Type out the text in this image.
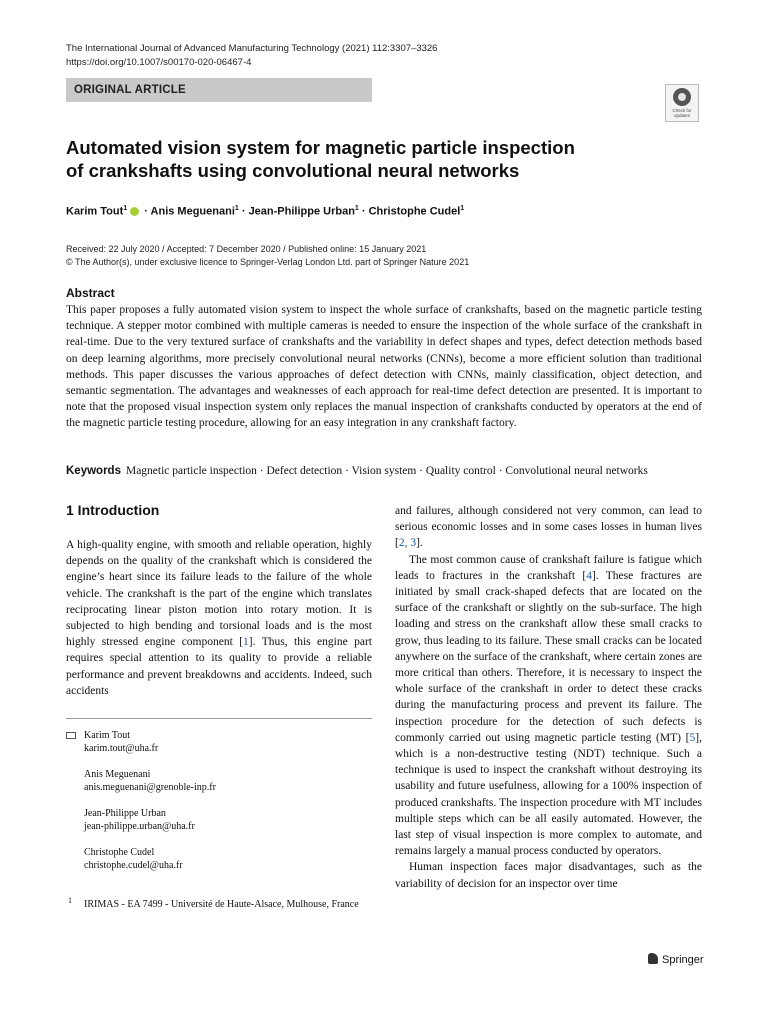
The International Journal of Advanced Manufacturing Technology (2021) 112:3307–3326
https://doi.org/10.1007/s00170-020-06467-4
ORIGINAL ARTICLE
Check for
updates
Automated vision system for magnetic particle inspection
of crankshafts using convolutional neural networks
Karim Tout$^1$ · Anis Meguenani$^1$ · Jean-Philippe Urban$^1$ · Christophe Cudel$^1$
Received: 22 July 2020 / Accepted: 7 December 2020 / Published online: 15 January 2021
© The Author(s), under exclusive licence to Springer-Verlag London Ltd. part of Springer Nature 2021
Abstract
This paper proposes a fully automated vision system to inspect the whole surface of crankshafts, based on the magnetic particle testing technique. A stepper motor combined with multiple cameras is needed to ensure the inspection of the whole surface of the crankshaft in real-time. Due to the very textured surface of crankshafts and the variability in defect shapes and types, defect detection methods based on deep learning algorithms, more precisely convolutional neural networks (CNNs), become a more efficient solution than traditional methods. This paper discusses the various approaches of defect detection with CNNs, mainly classification, object detection, and semantic segmentation. The advantages and weaknesses of each approach for real-time defect detection are presented. It is important to note that the proposed visual inspection system only replaces the manual inspection of crankshafts conducted by operators at the end of the magnetic particle testing procedure, allowing for an easy integration in any crankshaft factory.
Keywords Magnetic particle inspection · Defect detection · Vision system · Quality control · Convolutional neural networks
1 Introduction

A high-quality engine, with smooth and reliable operation, highly depends on the quality of the crankshaft which is considered the engine’s heart since its failure leads to the failure of the whole vehicle. The crankshaft is the part of the engine which translates reciprocating linear piston motion into rotary motion. It is subjected to high bending and torsional loads and is the most highly stressed engine component [1]. Thus, this engine part requires special attention to its quality to provide a reliable performance and prevent breakdowns and accidents. Indeed, such accidents

Karim Tout
karim.tout@uha.fr
Anis Meguenani
anis.meguenani@grenoble-inp.fr
Jean-Philippe Urban
jean-philippe.urban@uha.fr
Christophe Cudel
christophe.cudel@uha.fr
1 IRIMAS - EA 7499 - Université de Haute-Alsace, Mulhouse, France

and failures, although considered not very common, can lead to serious economic losses and in some cases losses in human lives [2, 3].

The most common cause of crankshaft failure is fatigue which leads to fractures in the crankshaft [4]. These fractures are initiated by small crack-shaped defects that are located on the surface of the crankshaft or slightly on the sub-surface. The high loading and stress on the crankshaft allow these small cracks to grow, thus leading to its failure. These small cracks can be located anywhere on the surface of the crankshaft, where certain zones are more critical than others. Therefore, it is necessary to inspect the whole surface of the crankshaft in order to detect these cracks during the manufacturing process and prevent its failure. The inspection procedure for the detection of such defects is commonly carried out using magnetic particle testing (MT) [5], which is a non-destructive testing (NDT) technique. Such a technique is used to inspect the crankshaft without destroying its usability and future usefulness, allowing for a 100% inspection of produced crankshafts. The inspection procedure with MT includes multiple steps which can be all easily automated. However, the last step of visual inspection is more complex to automate, and remains largely a manual process conducted by operators.

Human inspection faces major disadvantages, such as the variability of decision for an inspector over time

Springer
